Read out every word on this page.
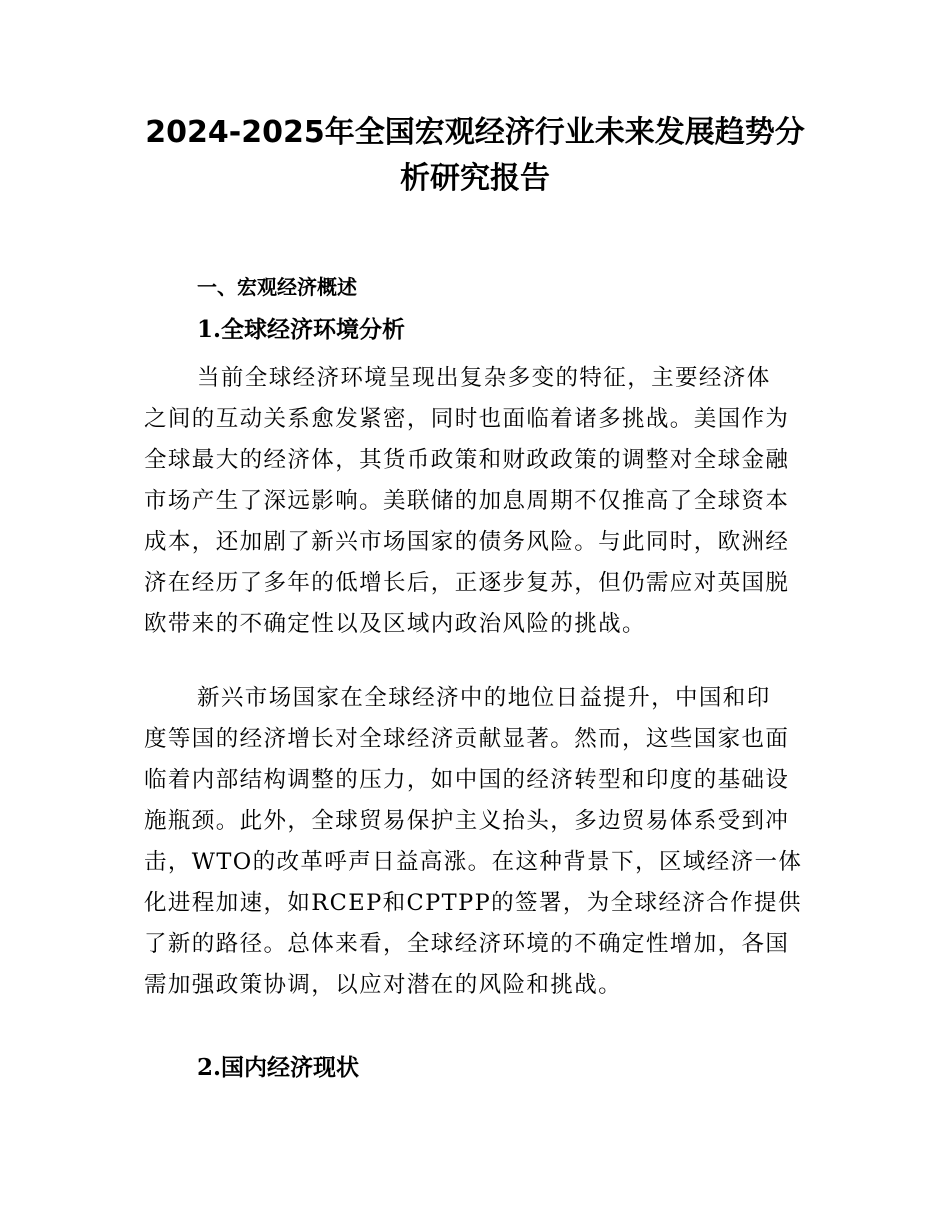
2024-2025年全国宏观经济行业未来发展趋势分
析研究报告
一、宏观经济概述
1.全球经济环境分析

当前全球经济环境呈现出复杂多变的特征，主要经济体
之间的互动关系愈发紧密，同时也面临着诸多挑战。美国作为
全球最大的经济体，其货币政策和财政政策的调整对全球金融
市场产生了深远影响。美联储的加息周期不仅推高了全球资本
成本，还加剧了新兴市场国家的债务风险。与此同时，欧洲经
济在经历了多年的低增长后，正逐步复苏，但仍需应对英国脱
欧带来的不确定性以及区域内政治风险的挑战。

新兴市场国家在全球经济中的地位日益提升，中国和印
度等国的经济增长对全球经济贡献显著。然而，这些国家也面
临着内部结构调整的压力，如中国的经济转型和印度的基础设
施瓶颈。此外，全球贸易保护主义抬头，多边贸易体系受到冲
击，WTO的改革呼声日益高涨。在这种背景下，区域经济一体
化进程加速，如RCEP和CPTPP的签署，为全球经济合作提供
了新的路径。总体来看，全球经济环境的不确定性增加，各国
需加强政策协调，以应对潜在的风险和挑战。

2.国内经济现状
